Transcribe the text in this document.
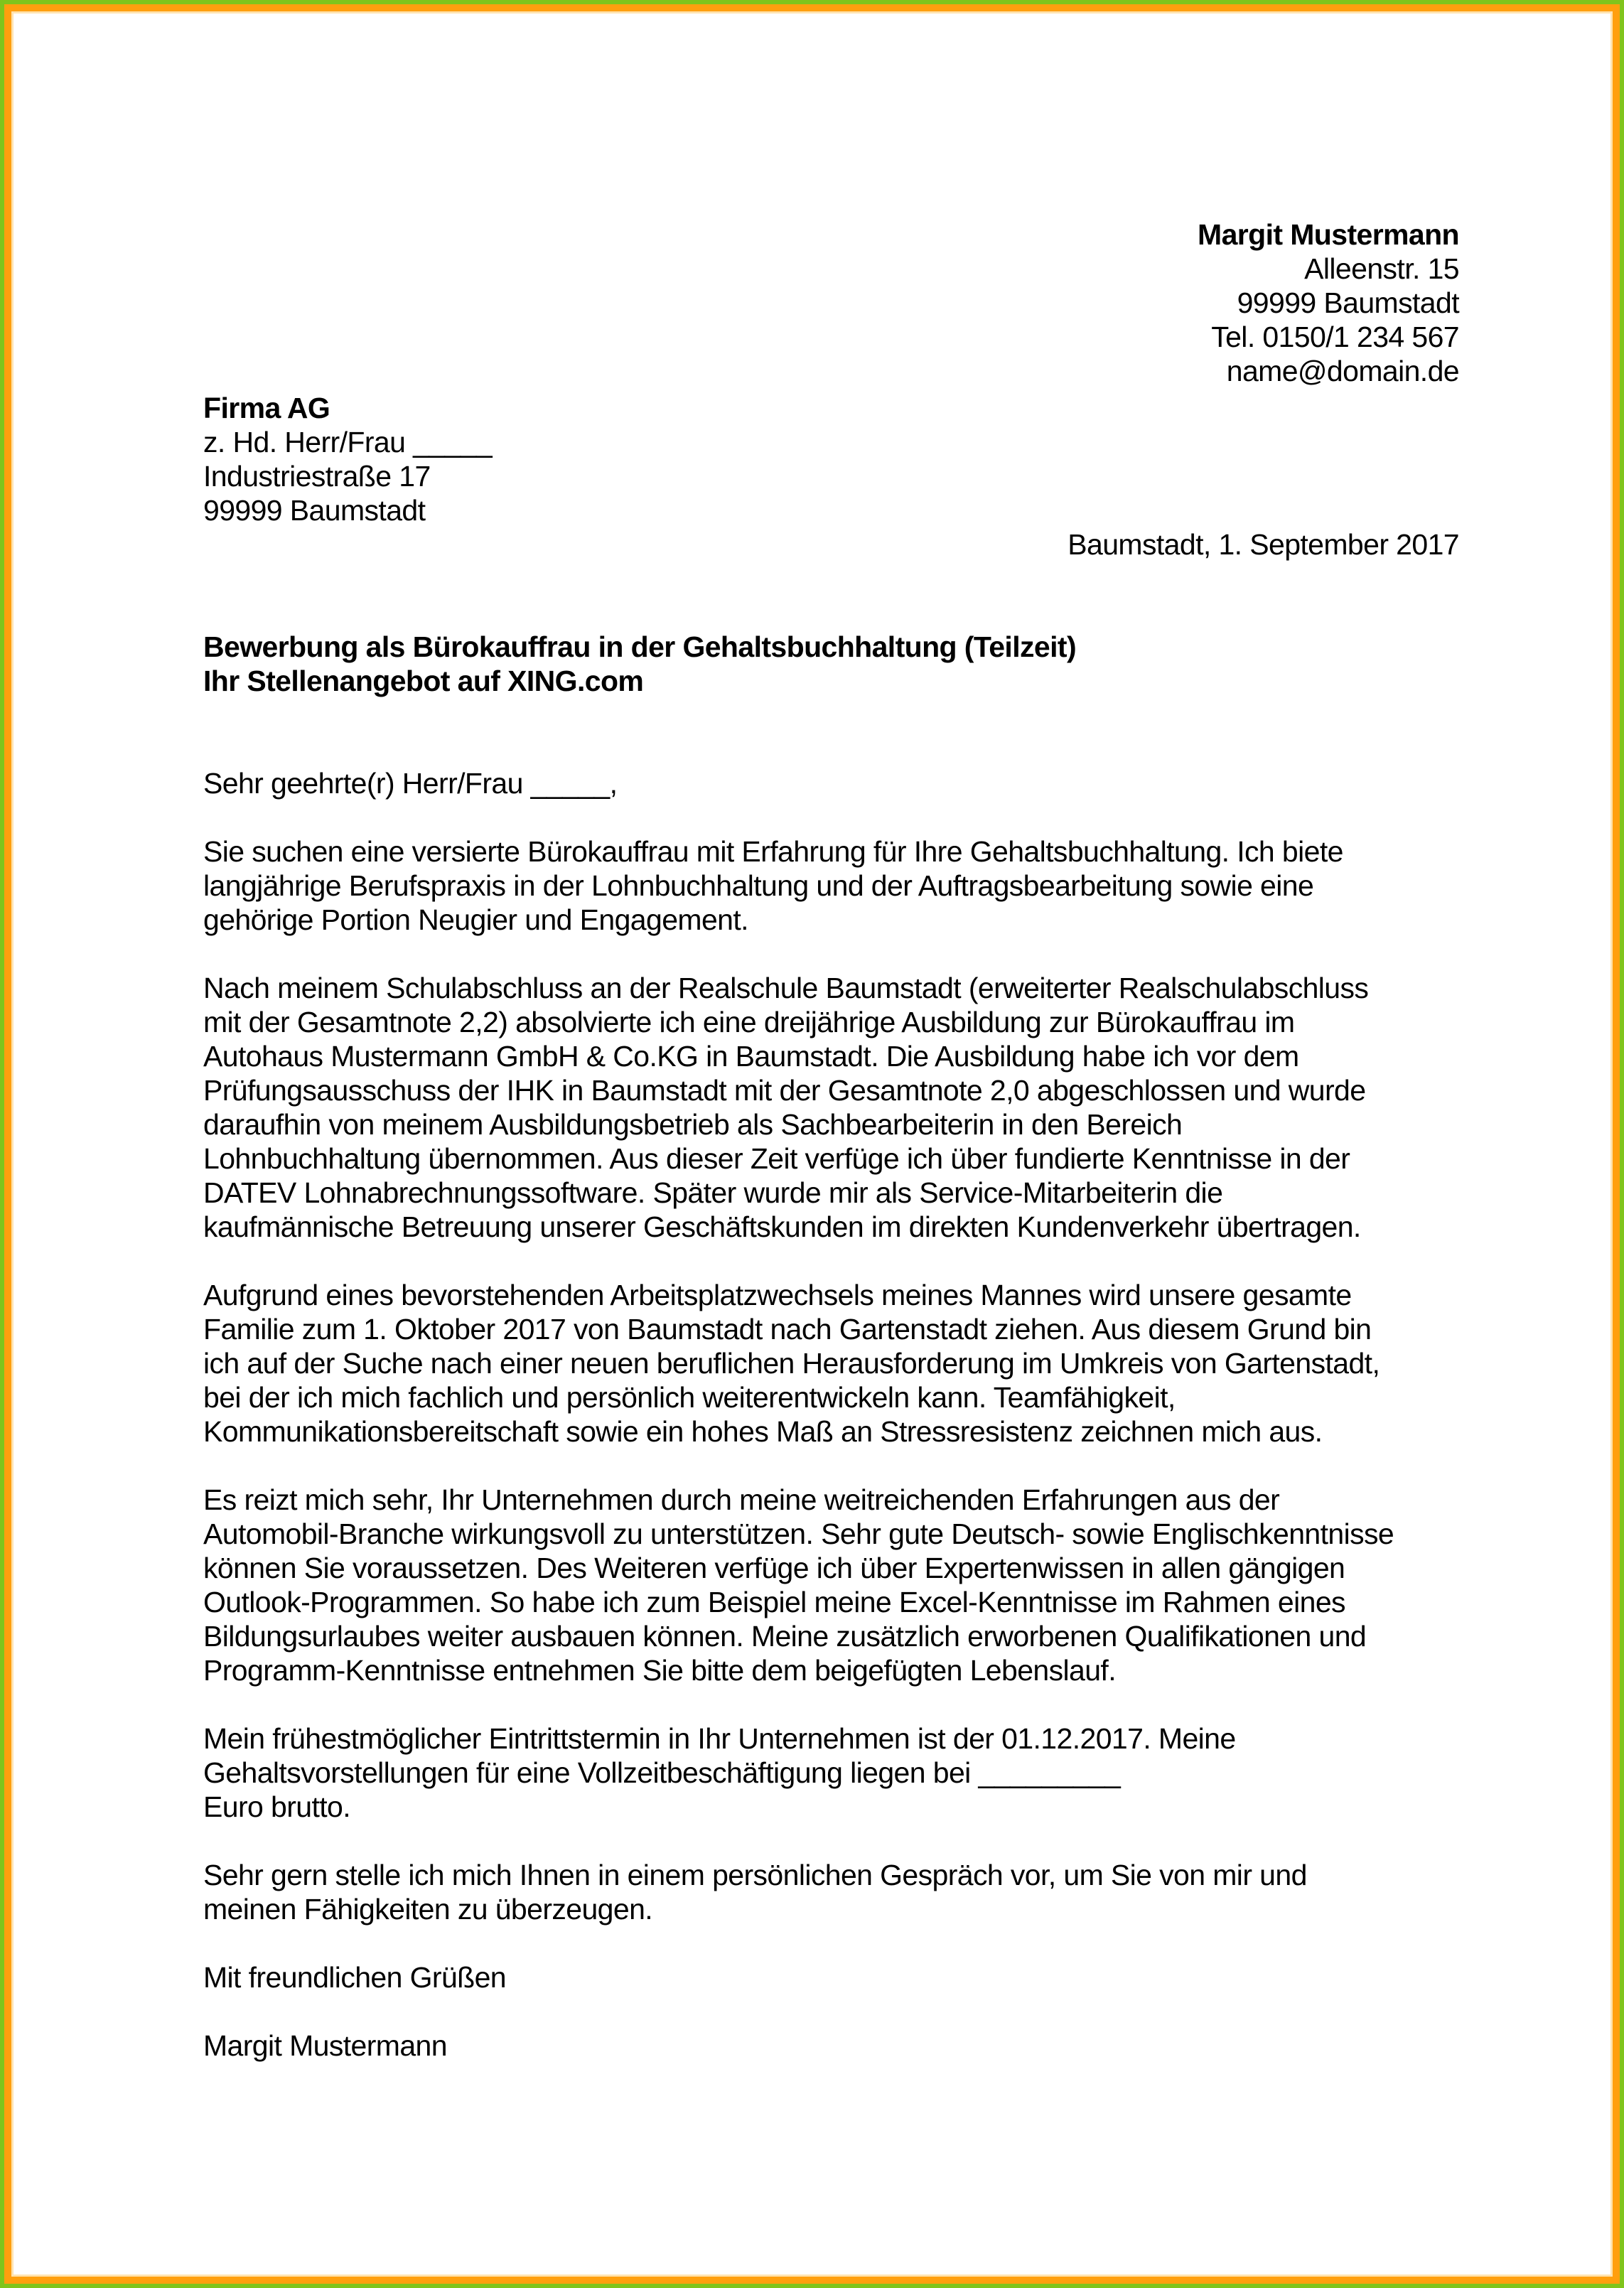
Margit Mustermann
Alleenstr. 15
99999 Baumstadt
Tel. 0150/1 234 567
name@domain.de
Firma AG
z. Hd. Herr/Frau _____
Industriestraße 17
99999 Baumstadt
Baumstadt, 1. September 2017
Bewerbung als Bürokauffrau in der Gehaltsbuchhaltung (Teilzeit)
Ihr Stellenangebot auf XING.com
Sehr geehrte(r) Herr/Frau _____,
Sie suchen eine versierte Bürokauffrau mit Erfahrung für Ihre Gehaltsbuchhaltung. Ich biete
langjährige Berufspraxis in der Lohnbuchhaltung und der Auftragsbearbeitung sowie eine
gehörige Portion Neugier und Engagement.
Nach meinem Schulabschluss an der Realschule Baumstadt (erweiterter Realschulabschluss
mit der Gesamtnote 2,2) absolvierte ich eine dreijährige Ausbildung zur Bürokauffrau im
Autohaus Mustermann GmbH & Co.KG in Baumstadt. Die Ausbildung habe ich vor dem
Prüfungsausschuss der IHK in Baumstadt mit der Gesamtnote 2,0 abgeschlossen und wurde
daraufhin von meinem Ausbildungsbetrieb als Sachbearbeiterin in den Bereich
Lohnbuchhaltung übernommen. Aus dieser Zeit verfüge ich über fundierte Kenntnisse in der
DATEV Lohnabrechnungssoftware. Später wurde mir als Service-Mitarbeiterin die
kaufmännische Betreuung unserer Geschäftskunden im direkten Kundenverkehr übertragen.
Aufgrund eines bevorstehenden Arbeitsplatzwechsels meines Mannes wird unsere gesamte
Familie zum 1. Oktober 2017 von Baumstadt nach Gartenstadt ziehen. Aus diesem Grund bin
ich auf der Suche nach einer neuen beruflichen Herausforderung im Umkreis von Gartenstadt,
bei der ich mich fachlich und persönlich weiterentwickeln kann. Teamfähigkeit,
Kommunikationsbereitschaft sowie ein hohes Maß an Stressresistenz zeichnen mich aus.
Es reizt mich sehr, Ihr Unternehmen durch meine weitreichenden Erfahrungen aus der
Automobil-Branche wirkungsvoll zu unterstützen. Sehr gute Deutsch- sowie Englischkenntnisse
können Sie voraussetzen. Des Weiteren verfüge ich über Expertenwissen in allen gängigen
Outlook-Programmen. So habe ich zum Beispiel meine Excel-Kenntnisse im Rahmen eines
Bildungsurlaubes weiter ausbauen können. Meine zusätzlich erworbenen Qualifikationen und
Programm-Kenntnisse entnehmen Sie bitte dem beigefügten Lebenslauf.
Mein frühestmöglicher Eintrittstermin in Ihr Unternehmen ist der 01.12.2017. Meine
Gehaltsvorstellungen für eine Vollzeitbeschäftigung liegen bei _________
Euro brutto.
Sehr gern stelle ich mich Ihnen in einem persönlichen Gespräch vor, um Sie von mir und
meinen Fähigkeiten zu überzeugen.
Mit freundlichen Grüßen
Margit Mustermann
